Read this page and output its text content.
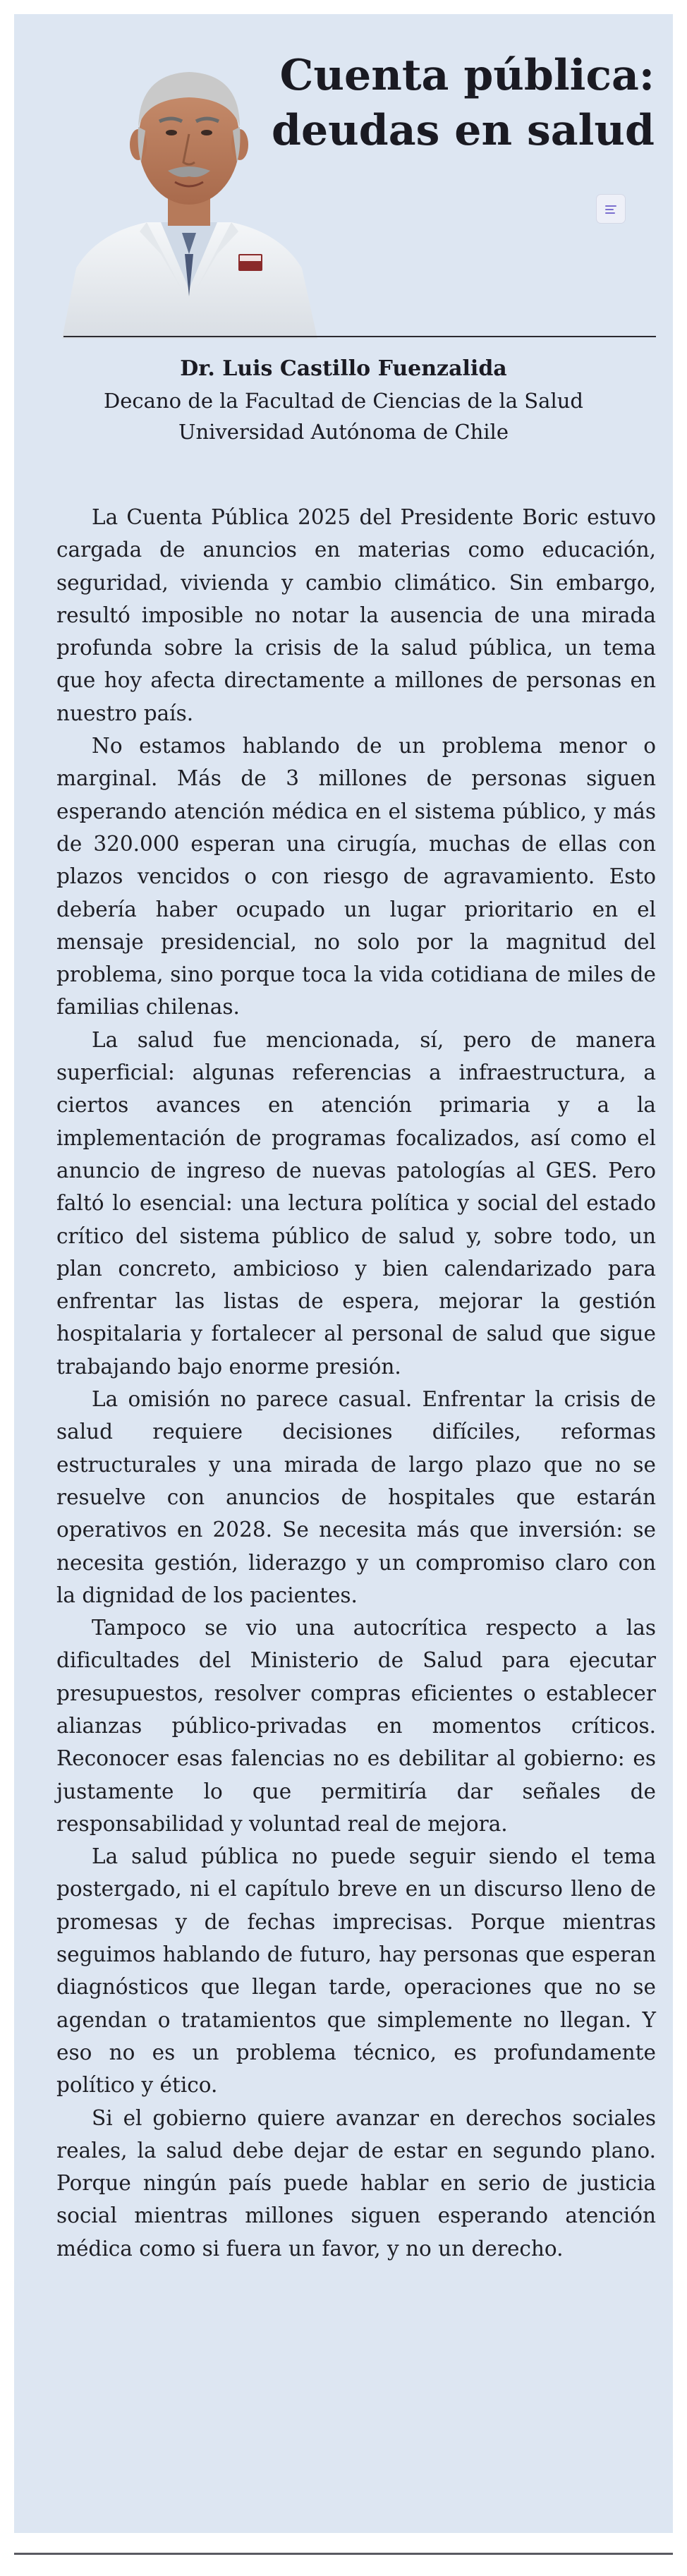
Cuenta pública:
deudas en salud
Dr. Luis Castillo Fuenzalida
Decano de la Facultad de Ciencias de la Salud
Universidad Autónoma de Chile

La Cuenta Pública 2025 del Presidente Boric estuvo cargada de anuncios en materias como educación, seguridad, vivienda y cambio climático. Sin embargo, resultó imposible no notar la ausencia de una mirada profunda sobre la crisis de la salud pública, un tema que hoy afecta directamente a millones de personas en nuestro país.

No estamos hablando de un problema menor o marginal. Más de 3 millones de personas siguen esperando atención médica en el sistema público, y más de 320.000 esperan una cirugía, muchas de ellas con plazos vencidos o con riesgo de agravamiento. Esto debería haber ocupado un lugar prioritario en el mensaje presidencial, no solo por la magnitud del problema, sino porque toca la vida cotidiana de miles de familias chilenas.

La salud fue mencionada, sí, pero de manera superficial: algunas referencias a infraestructura, a ciertos avances en atención primaria y a la implementación de programas focalizados, así como el anuncio de ingreso de nuevas patologías al GES. Pero faltó lo esencial: una lectura política y social del estado crítico del sistema público de salud y, sobre todo, un plan concreto, ambicioso y bien calendarizado para enfrentar las listas de espera, mejorar la gestión hospitalaria y fortalecer al personal de salud que sigue trabajando bajo enorme presión.

La omisión no parece casual. Enfrentar la crisis de salud requiere decisiones difíciles, reformas estructurales y una mirada de largo plazo que no se resuelve con anuncios de hospitales que estarán operativos en 2028. Se necesita más que inversión: se necesita gestión, liderazgo y un compromiso claro con la dignidad de los pacientes.

Tampoco se vio una autocrítica respecto a las dificultades del Ministerio de Salud para ejecutar presupuestos, resolver compras eficientes o establecer alianzas público-privadas en momentos críticos. Reconocer esas falencias no es debilitar al gobierno: es justamente lo que permitiría dar señales de responsabilidad y voluntad real de mejora.

La salud pública no puede seguir siendo el tema postergado, ni el capítulo breve en un discurso lleno de promesas y de fechas imprecisas. Porque mientras seguimos hablando de futuro, hay personas que esperan diagnósticos que llegan tarde, operaciones que no se agendan o tratamientos que simplemente no llegan. Y eso no es un problema técnico, es profundamente político y ético.

Si el gobierno quiere avanzar en derechos sociales reales, la salud debe dejar de estar en segundo plano. Porque ningún país puede hablar en serio de justicia social mientras millones siguen esperando atención médica como si fuera un favor, y no un derecho.
